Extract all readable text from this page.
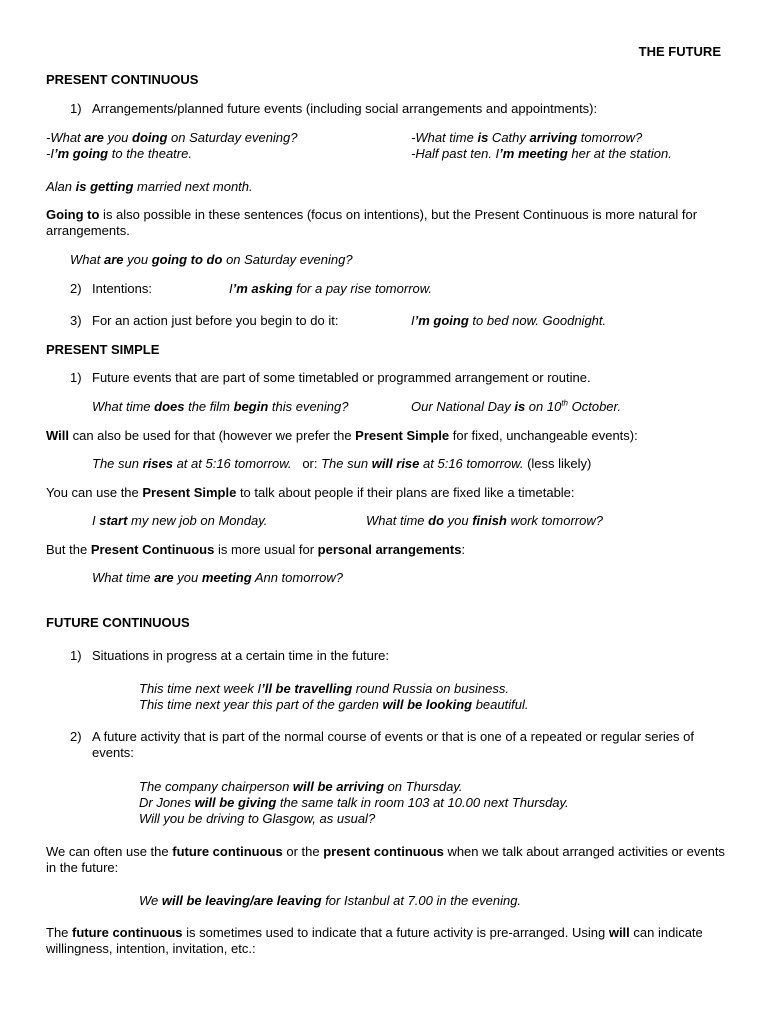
THE FUTURE
PRESENT CONTINUOUS
1) Arrangements/planned future events (including social arrangements and appointments):
-What are you doing on Saturday evening?
-I’m going to the theatre.
-What time is Cathy arriving tomorrow?
-Half past ten. I’m meeting her at the station.
Alan is getting married next month.
Going to is also possible in these sentences (focus on intentions), but the Present Continuous is more natural for arrangements.
What are you going to do on Saturday evening?
2) Intentions:	I’m asking for a pay rise tomorrow.
3) For an action just before you begin to do it:	I’m going to bed now. Goodnight.
PRESENT SIMPLE
1) Future events that are part of some timetabled or programmed arrangement or routine.
What time does the film begin this evening?	Our National Day is on 10th October.
Will can also be used for that (however we prefer the Present Simple for fixed, unchangeable events):
The sun rises at at 5:16 tomorrow.   or: The sun will rise at 5:16 tomorrow. (less likely)
You can use the Present Simple to talk about people if their plans are fixed like a timetable:
I start my new job on Monday.	What time do you finish work tomorrow?
But the Present Continuous is more usual for personal arrangements:
What time are you meeting Ann tomorrow?
FUTURE CONTINUOUS
1) Situations in progress at a certain time in the future:
This time next week I’ll be travelling round Russia on business.
This time next year this part of the garden will be looking beautiful.
2) A future activity that is part of the normal course of events or that is one of a repeated or regular series of events:
The company chairperson will be arriving on Thursday.
Dr Jones will be giving the same talk in room 103 at 10.00 next Thursday.
Will you be driving to Glasgow, as usual?
We can often use the future continuous or the present continuous when we talk about arranged activities or events in the future:
We will be leaving/are leaving for Istanbul at 7.00 in the evening.
The future continuous is sometimes used to indicate that a future activity is pre-arranged. Using will can indicate willingness, intention, invitation, etc.:
